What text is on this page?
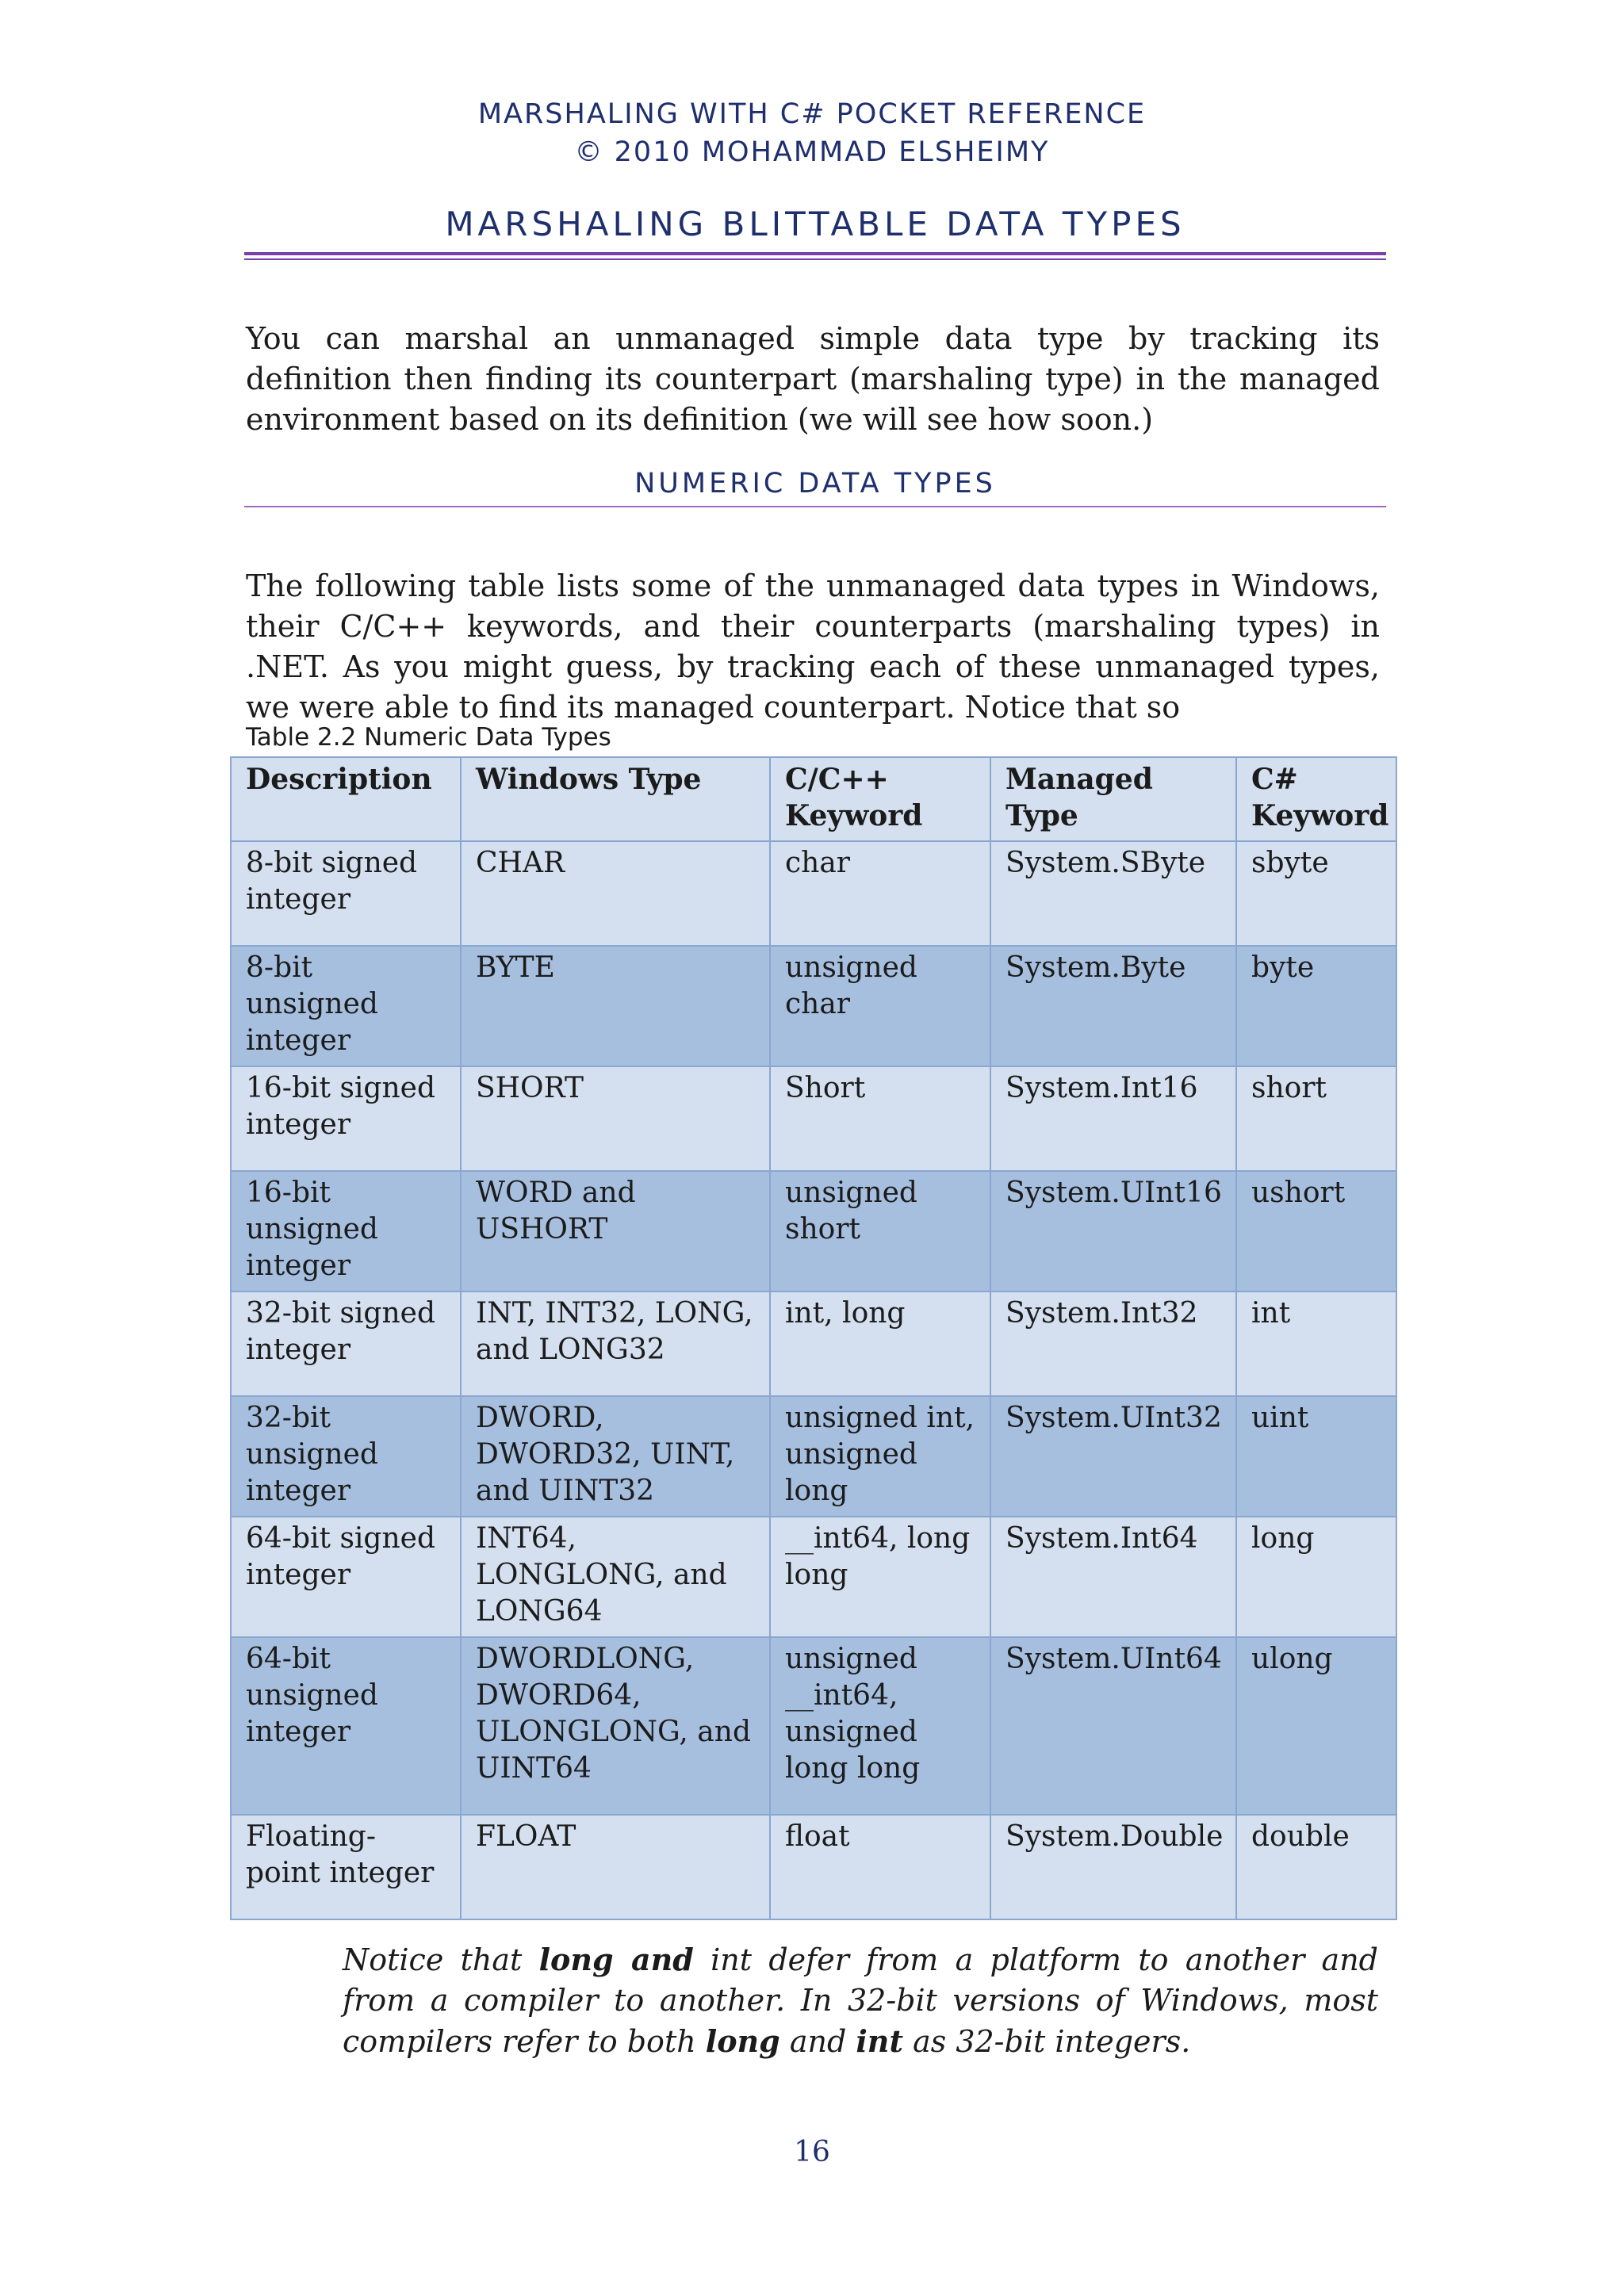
MARSHALING WITH C# POCKET REFERENCE
© 2010 MOHAMMAD ELSHEIMY
MARSHALING BLITTABLE DATA TYPES

You can marshal an unmanaged simple data type by tracking its definition then finding its counterpart (marshaling type) in the managed environment based on its definition (we will see how soon.)

NUMERIC DATA TYPES

The following table lists some of the unmanaged data types in Windows, their C/C++ keywords, and their counterparts (marshaling types) in .NET. As you might guess, by tracking each of these unmanaged types, we were able to find its managed counterpart. Notice that so

Table 2.2 Numeric Data Types
Description	Windows Type	C/C++ Keyword	Managed Type	C# Keyword
8-bit signed integer	CHAR	char	System.SByte	sbyte
8-bit unsigned integer	BYTE	unsigned char	System.Byte	byte
16-bit signed integer	SHORT	Short	System.Int16	short
16-bit unsigned integer	WORD and USHORT	unsigned short	System.UInt16	ushort
32-bit signed integer	INT, INT32, LONG, and LONG32	int, long	System.Int32	int
32-bit unsigned integer	DWORD, DWORD32, UINT, and UINT32	unsigned int, unsigned long	System.UInt32	uint
64-bit signed integer	INT64, LONGLONG, and LONG64	__int64, long long	System.Int64	long
64-bit unsigned integer	DWORDLONG, DWORD64, ULONGLONG, and UINT64	unsigned __int64, unsigned long long	System.UInt64	ulong
Floating-point integer	FLOAT	float	System.Double	double

Notice that long and int defer from a platform to another and from a compiler to another. In 32-bit versions of Windows, most compilers refer to both long and int as 32-bit integers.

16
